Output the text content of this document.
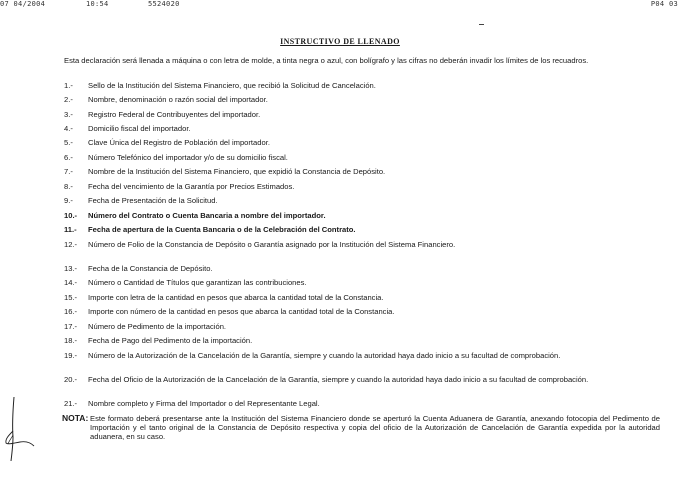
07 04/2004	10:54	5524020	P04 03
INSTRUCTIVO DE LLENADO
Esta declaración será llenada a máquina o con letra de molde, a tinta negra o azul, con bolígrafo y las cifras no deberán invadir los límites de los recuadros.
1.-	Sello de la Institución del Sistema Financiero, que recibió la Solicitud de Cancelación.
2.-	Nombre, denominación o razón social del importador.
3.-	Registro Federal de Contribuyentes del importador.
4.-	Domicilio fiscal del importador.
5.-	Clave Única del Registro de Población del importador.
6.-	Número Telefónico del importador y/o de su domicilio fiscal.
7.-	Nombre de la Institución del Sistema Financiero, que expidió la Constancia de Depósito.
8.-	Fecha del vencimiento de la Garantía por Precios Estimados.
9.-	Fecha de Presentación de la Solicitud.
10.-	Número del Contrato o Cuenta Bancaria a nombre del importador.
11.-	Fecha de apertura de la Cuenta Bancaria o de la Celebración del Contrato.
12.-	Número de Folio de la Constancia de Depósito o Garantía asignado por la Institución del Sistema Financiero.
13.-	Fecha de la Constancia de Depósito.
14.-	Número o Cantidad de Títulos que garantizan las contribuciones.
15.-	Importe con letra de la cantidad en pesos que abarca la cantidad total de la Constancia.
16.-	Importe con número de la cantidad en pesos que abarca la cantidad total de la Constancia.
17.-	Número de Pedimento de la importación.
18.-	Fecha de Pago del Pedimento de la importación.
19.-	Número de la Autorización de la Cancelación de la Garantía, siempre y cuando la autoridad haya dado inicio a su facultad de comprobación.
20.-	Fecha del Oficio de la Autorización de la Cancelación de la Garantía, siempre y cuando la autoridad haya dado inicio a su facultad de comprobación.
21.-	Nombre completo y Firma del Importador o del Representante Legal.
NOTA: Este formato deberá presentarse ante la Institución del Sistema Financiero donde se aperturó la Cuenta Aduanera de Garantía, anexando fotocopia del Pedimento de Importación y el tanto original de la Constancia de Depósito respectiva y copia del oficio de la Autorización de Cancelación de Garantía expedida por la autoridad aduanera, en su caso.
